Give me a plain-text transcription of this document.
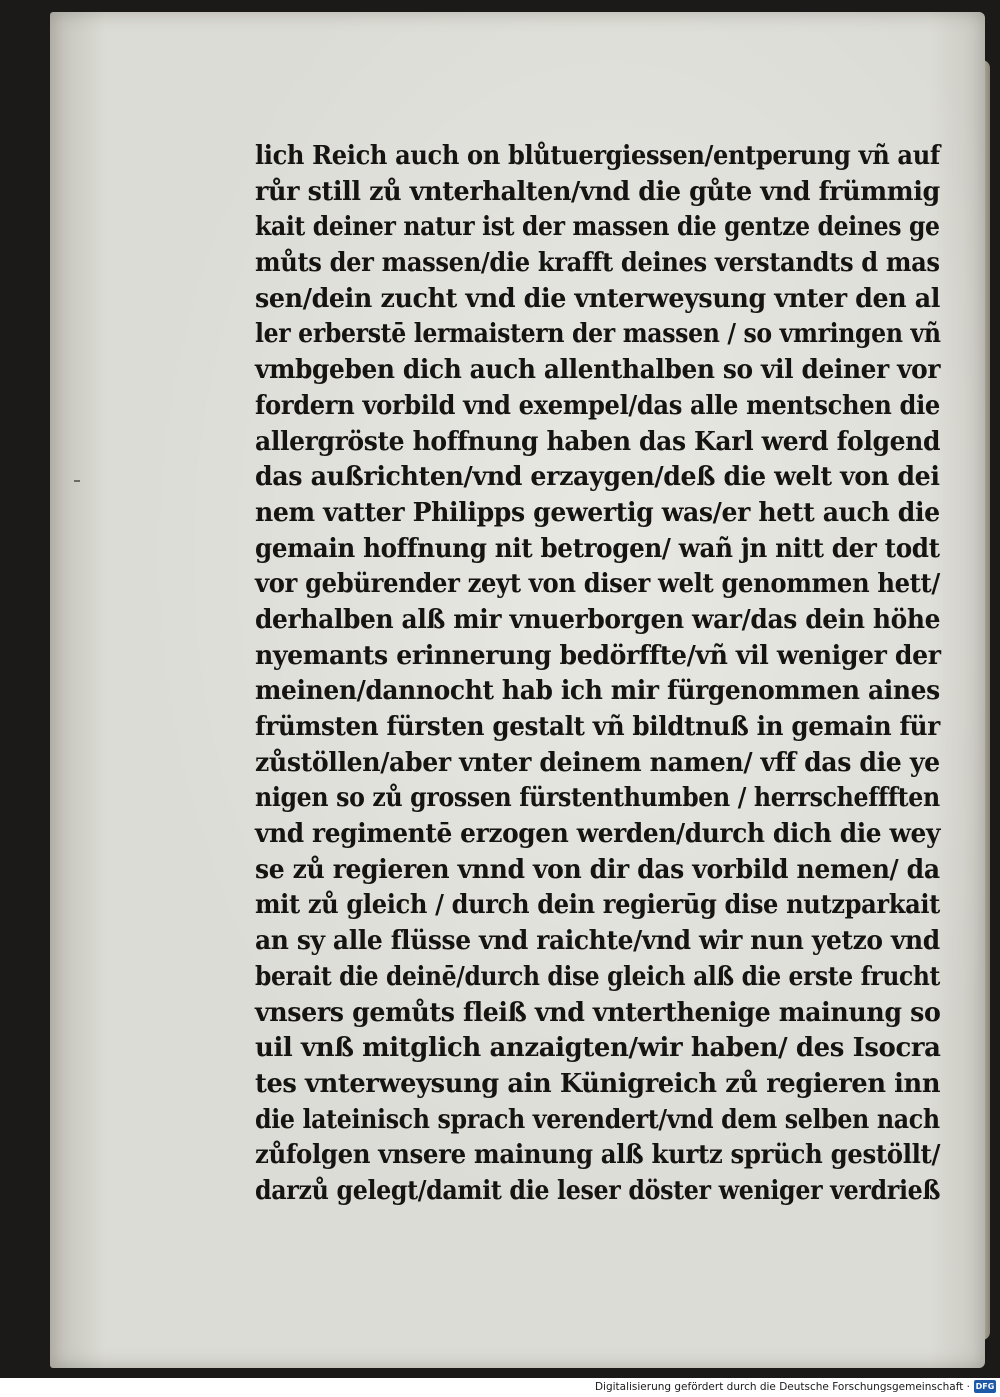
lich Reich auch on blůtuergiessen/entperung vñ auf
růr still zů vnterhalten/vnd die gůte vnd frümmig
kait deiner natur ist der massen die gentze deines ge
můts der massen/die krafft deines verstandts d mas
sen/dein zucht vnd die vnterweysung vnter den al
ler erberstē lermaistern der massen / so vmringen vñ
vmbgeben dich auch allenthalben so vil deiner vor
fordern vorbild vnd exempel/das alle mentschen die
allergröste hoffnung haben das Karl werd folgend
das außrichten/vnd erzaygen/deß die welt von dei
nem vatter Philipps gewertig was/er hett auch die
gemain hoffnung nit betrogen/ wañ jn nitt der todt
vor gebürender zeyt von diser welt genommen hett/
derhalben alß mir vnuerborgen war/das dein höhe
nyemants erinnerung bedörffte/vñ vil weniger der
meinen/dannocht hab ich mir fürgenommen aines
frümsten fürsten gestalt vñ bildtnuß in gemain für
zůstöllen/aber vnter deinem namen/ vff das die ye
nigen so zů grossen fürstenthumben / herrscheffften
vnd regimentē erzogen werden/durch dich die wey
se zů regieren vnnd von dir das vorbild nemen/ da
mit zů gleich / durch dein regierūg dise nutzparkait
an sy alle flüsse vnd raichte/vnd wir nun yetzo vnd
berait die deinē/durch dise gleich alß die erste frucht
vnsers gemůts fleiß vnd vnterthenige mainung so
uil vnß mitglich anzaigten/wir haben/ des Isocra
tes vnterweysung ain Künigreich zů regieren inn
die lateinisch sprach verendert/vnd dem selben nach
zůfolgen vnsere mainung alß kurtz sprüch gestöllt/
darzů gelegt/damit die leser döster weniger verdrieß
Digitalisierung gefördert durch die Deutsche Forschungsgemeinschaft · DFG
